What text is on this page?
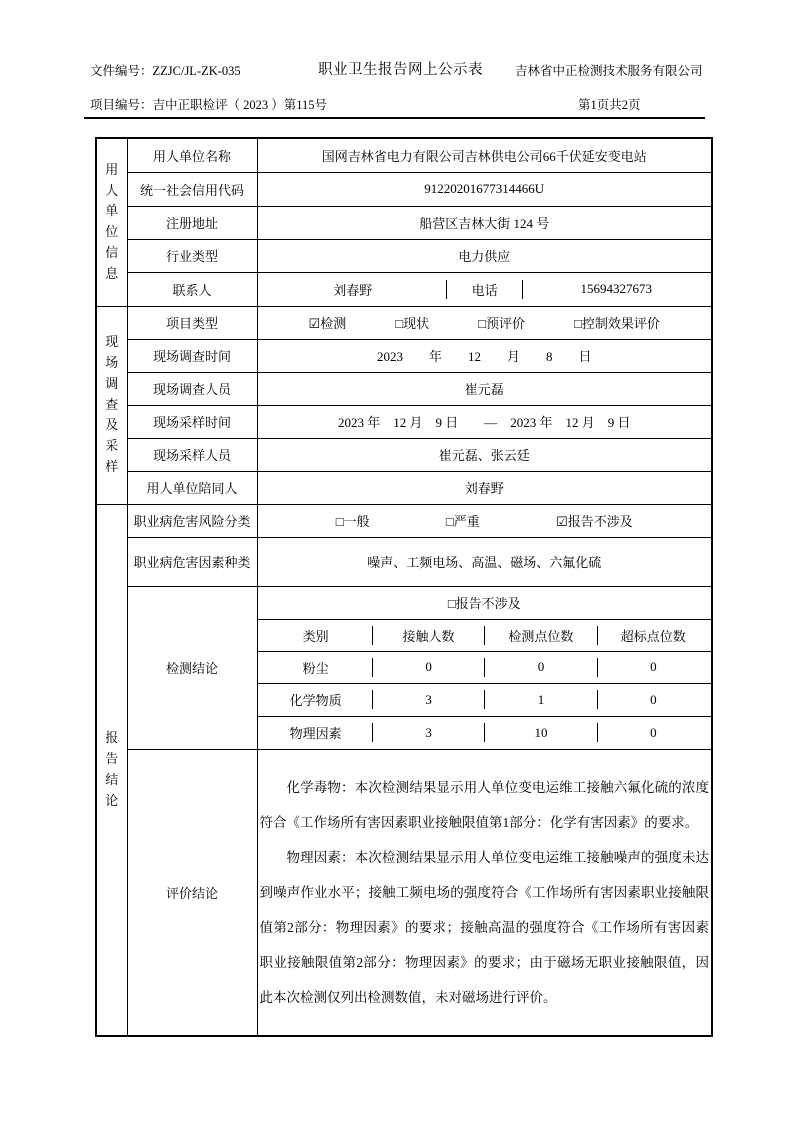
文件编号：ZZJC/JL-ZK-035	职业卫生报告网上公示表	吉林省中正检测技术服务有限公司
项目编号：吉中正职检评（ 2023 ）第115号	第1页共2页
用人单位信息	用人单位名称	国网吉林省电力有限公司吉林供电公司66千伏延安变电站
	统一社会信用代码	91220201677314466U
	注册地址	船营区吉林大街 124 号
	行业类型	电力供应
	联系人	刘春野 电话 15694327673

现场调查及采样	项目类型	☑检测 □现状 □预评价 □控制效果评价

	现场调查时间	2023　　年　　12　　月　　8　　日
	现场调查人员	崔元磊
	现场采样时间	2023 年　12 月　9 日　　—　2023 年　12 月　9 日
	现场采样人员	崔元磊、张云廷
	用人单位陪同人	刘春野

报告结论	职业病危害风险分类	□一般 □严重 ☑报告不涉及

	职业病危害因素种类	噪声、工频电场、高温、磁场、六氟化硫
	检测结论	□报告不涉及

类别 接触人数 检测点位数 超标点位数

粉尘 0 0 0

化学物质 3 1 0

物理因素 3 10 0

	评价结论	化学毒物：本次检测结果显示用人单位变电运维工接触六氟化硫的浓度符合《工作场所有害因素职业接触限值第1部分：化学有害因素》的要求。

物理因素：本次检测结果显示用人单位变电运维工接触噪声的强度未达到噪声作业水平；接触工频电场的强度符合《工作场所有害因素职业接触限值第2部分：物理因素》的要求；接触高温的强度符合《工作场所有害因素职业接触限值第2部分：物理因素》的要求；由于磁场无职业接触限值，因此本次检测仅列出检测数值，未对磁场进行评价。
